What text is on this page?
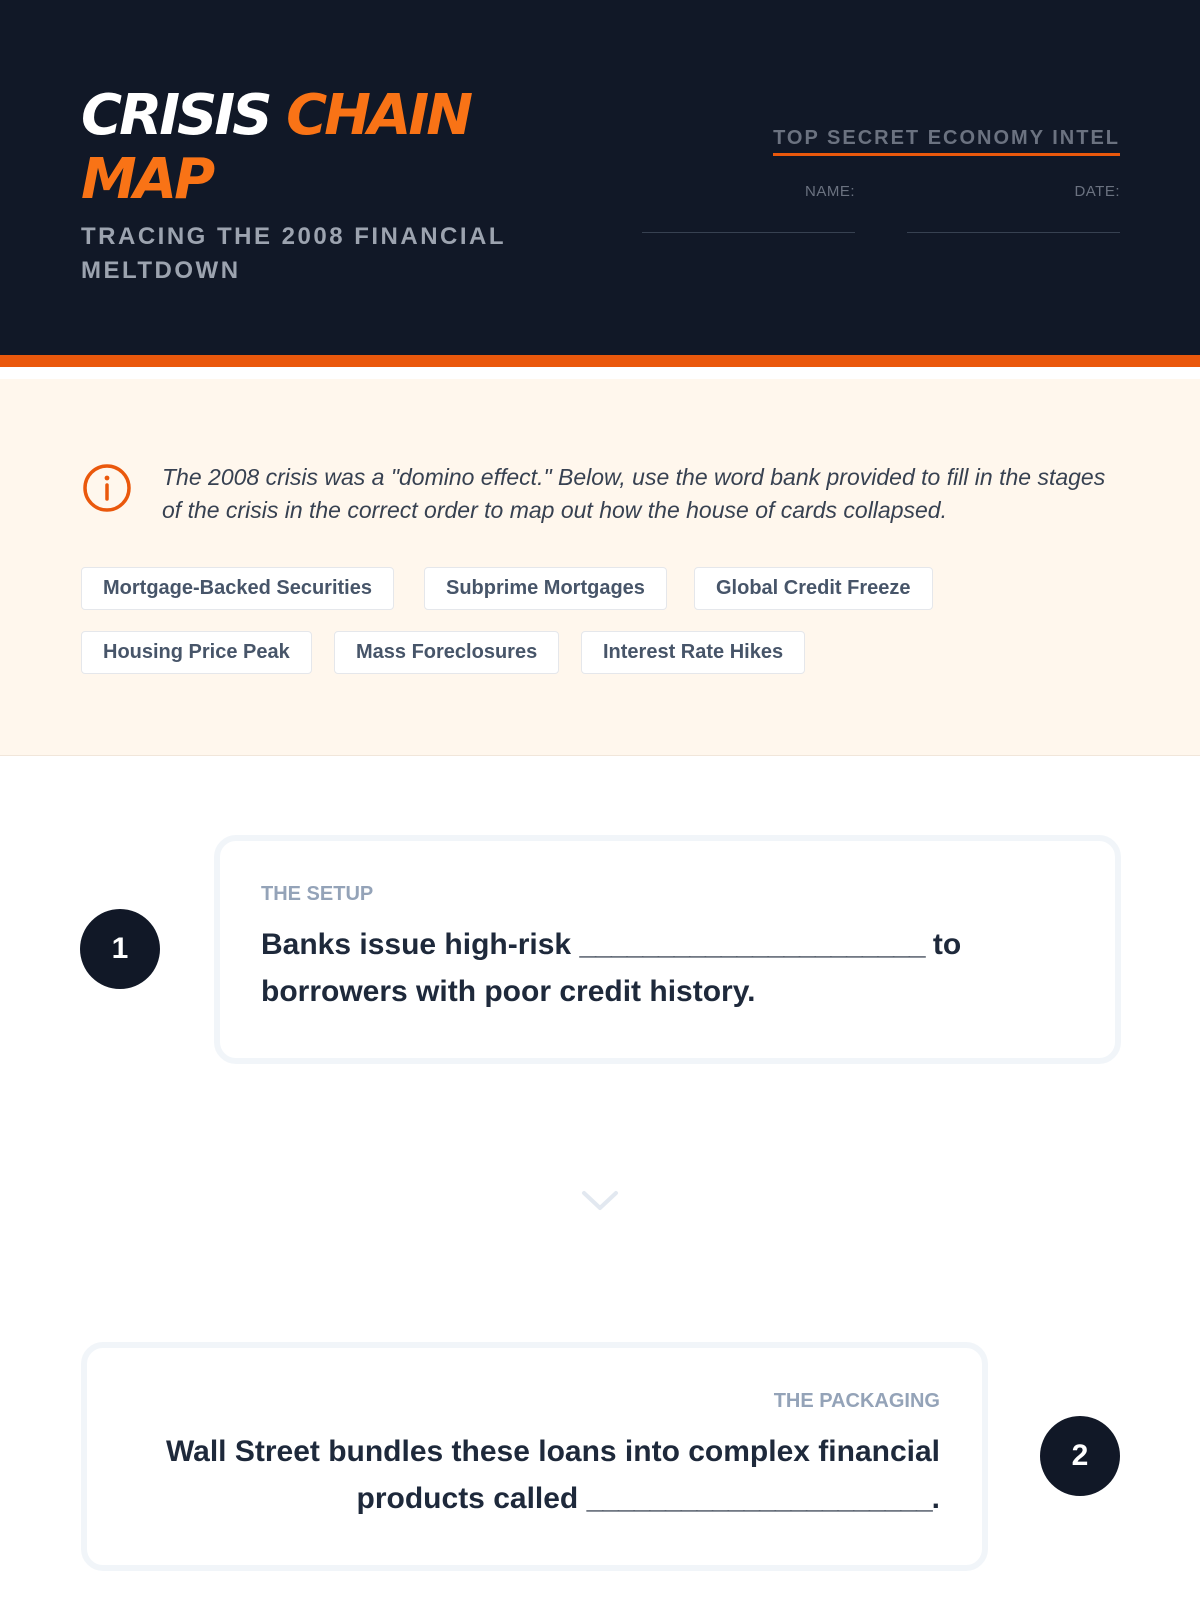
CRISIS CHAIN MAP
TRACING THE 2008 FINANCIAL MELTDOWN
TOP SECRET ECONOMY INTEL
NAME:	DATE:
The 2008 crisis was a "domino effect." Below, use the word bank provided to fill in the stages of the crisis in the correct order to map out how the house of cards collapsed.
Mortgage-Backed Securities	Subprime Mortgages	Global Credit Freeze
Housing Price Peak	Mass Foreclosures	Interest Rate Hikes
1
THE SETUP
Banks issue high-risk ______________________ to borrowers with poor credit history.
THE PACKAGING
Wall Street bundles these loans into complex financial products called ______________________.
2
